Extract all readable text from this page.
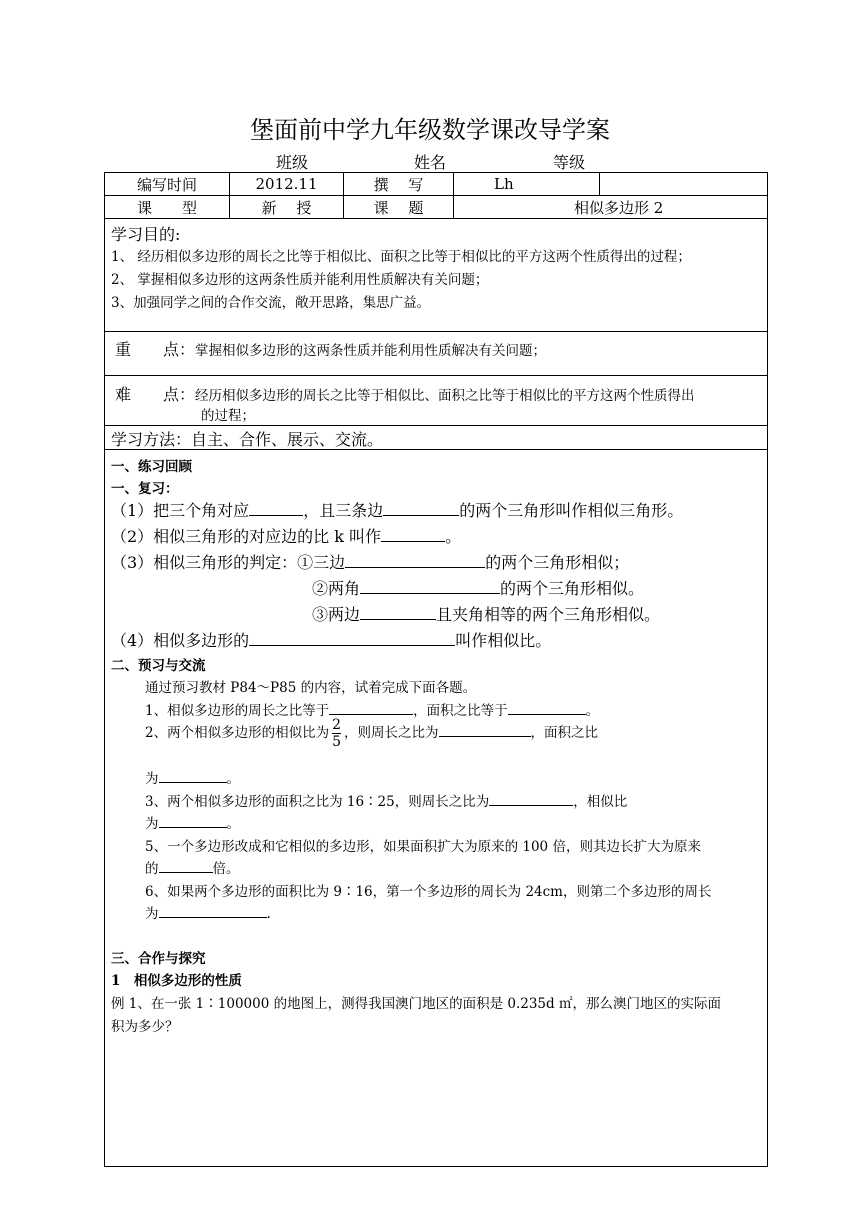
堡面前中学九年级数学课改导学案
班级	姓名	等级
编写时间	2012.11	撰　 写	Lh	
课　　型	新　 授	课　 题	相似多边形 2	
学习目的:
1、 经历相似多边形的周长之比等于相似比、面积之比等于相似比的平方这两个性质得出的过程；
2、 掌握相似多边形的这两条性质并能利用性质解决有关问题；
3、加强同学之间的合作交流，敞开思路，集思广益。
重　　点：掌握相似多边形的这两条性质并能利用性质解决有关问题；
难　　点：经历相似多边形的周长之比等于相似比、面积之比等于相似比的平方这两个性质得出
的过程；
学习方法：自主、合作、展示、交流。
一、练习回顾
一、复习：
（1）把三个角对应	，且三条边	的两个三角形叫作相似三角形。
（2）相似三角形的对应边的比 k 叫作	。
（3）相似三角形的判定：①三边	的两个三角形相似；
②两角	的两个三角形相似。
③两边	且夹角相等的两个三角形相似。
（4）相似多边形的	叫作相似比。
二、预习与交流
通过预习教材 P84～P85 的内容，试着完成下面各题。
1、相似多边形的周长之比等于	，面积之比等于	。
2、两个相似多边形的相似比为 $\frac{2}{5}$ ，则周长之比为	，面积之比
为	。
3、两个相似多边形的面积之比为 16∶25，则周长之比为	，相似比
为	。
5、一个多边形改成和它相似的多边形，如果面积扩大为原来的 100 倍，则其边长扩大为原来
的	倍。
6、如果两个多边形的面积比为 9∶16，第一个多边形的周长为 24cm，则第二个多边形的周长
为	.
三、合作与探究
1　相似多边形的性质
例 1、在一张 1∶100000 的地图上，测得我国澳门地区的面积是 0.235d ㎡，那么澳门地区的实际面
积为多少？
